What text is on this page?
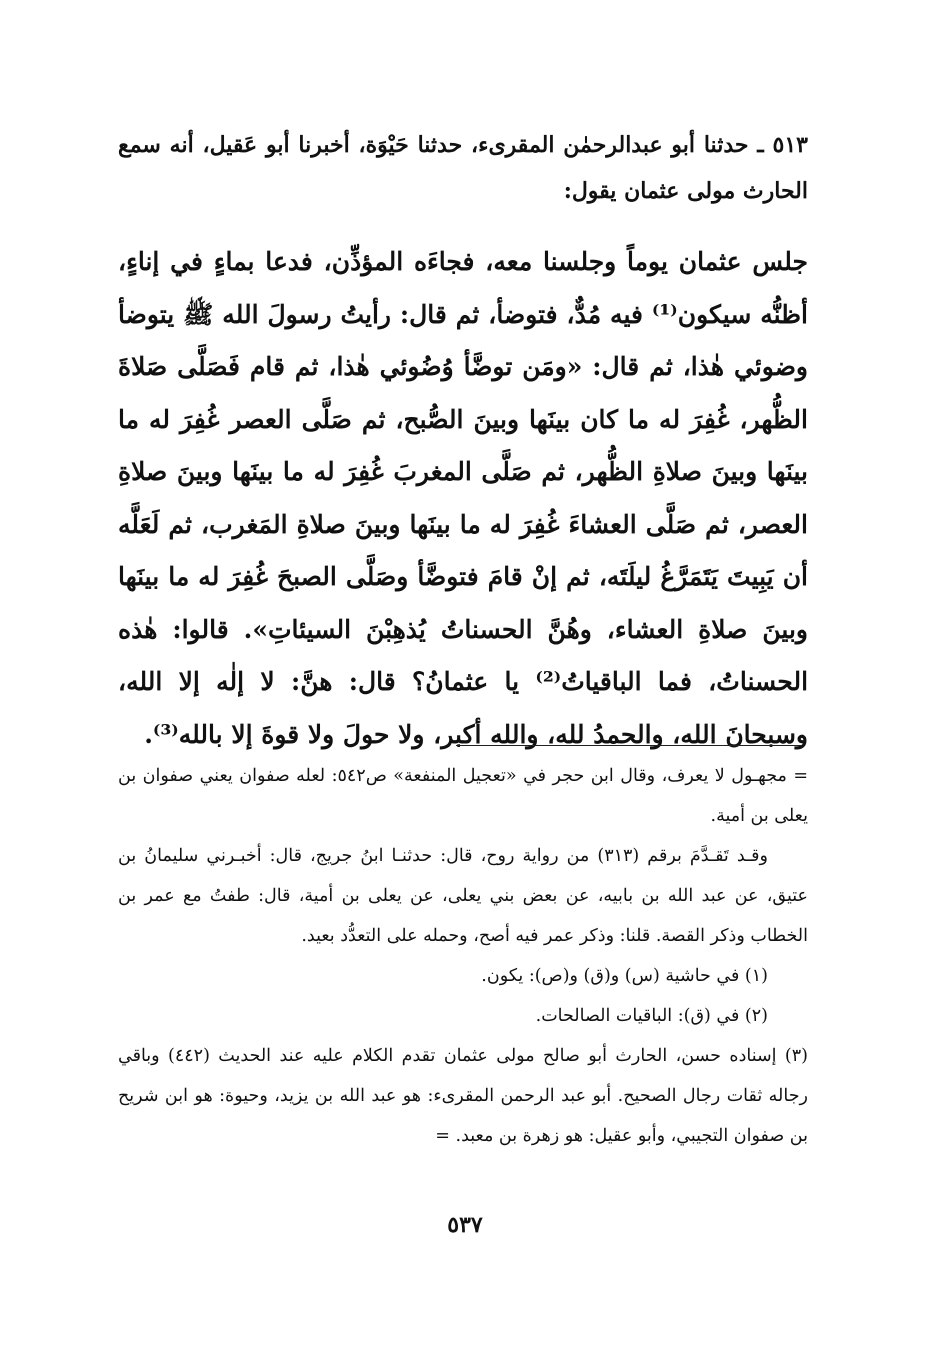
٥١٣ ـ حدثنا أبو عبدالرحمٰن المقرىء، حدثنا حَيْوَة، أخبرنا أبو عَقيل، أنه سمع الحارث مولى عثمان يقول:
جلس عثمان يوماً وجلسنا معه، فجاءَه المؤذِّن، فدعا بماءٍ في إناءٍ، أظنُّه سيكون⁽¹⁾ فيه مُدٌّ، فتوضأ، ثم قال: رأيتُ رسولَ الله ﷺ يتوضأ وضوئي هٰذا، ثم قال: «ومَن توضَّأ وُضُوئي هٰذا، ثم قام فَصَلَّى صَلاةَ الظُّهر، غُفِرَ له ما كان بينَها وبينَ الصُّبح، ثم صَلَّى العصر غُفِرَ له ما بينَها وبينَ صلاةِ الظُّهر، ثم صَلَّى المغربَ غُفِرَ له ما بينَها وبينَ صلاةِ العصر، ثم صَلَّى العشاءَ غُفِرَ له ما بينَها وبينَ صلاةِ المَغرب، ثم لَعَلَّه أن يَبِيتَ يَتَمَرَّغُ ليلَتَه، ثم إنْ قامَ فتوضَّأ وصَلَّى الصبحَ غُفِرَ له ما بينَها وبينَ صلاةِ العشاء، وهُنَّ الحسناتُ يُذهِبْنَ السيئاتِ». قالوا: هٰذه الحسناتُ، فما الباقياتُ⁽²⁾ يا عثمانُ؟ قال: هنَّ: لا إلٰه إلا الله، وسبحانَ الله، والحمدُ لله، والله أكبر، ولا حولَ ولا قوةَ إلا بالله⁽³⁾.

= مجهـول لا يعرف، وقال ابن حجر في «تعجيل المنفعة» ص٥٤٢: لعله صفوان يعني صفوان بن يعلى بن أمية.

وقـد تَقـدَّمَ برقم (٣١٣) من رواية روح، قال: حدثنـا ابنُ جريج، قال: أخبـرني سليمانُ بن عتيق، عن عبد الله بن بابيه، عن بعض بني يعلى، عن يعلى بن أمية، قال: طفتُ مع عمر بن الخطاب وذكر القصة. قلنا: وذكر عمر فيه أصح، وحمله على التعدُّد بعيد.

(١) في حاشية (س) و(ق) و(ص): يكون.

(٢) في (ق): الباقيات الصالحات.

(٣) إسناده حسن، الحارث أبو صالح مولى عثمان تقدم الكلام عليه عند الحديث (٤٤٢) وباقي رجاله ثقات رجال الصحيح. أبو عبد الرحمن المقرىء: هو عبد الله بن يزيد، وحيوة: هو ابن شريح بن صفوان التجيبي، وأبو عقيل: هو زهرة بن معبد. =

٥٣٧
